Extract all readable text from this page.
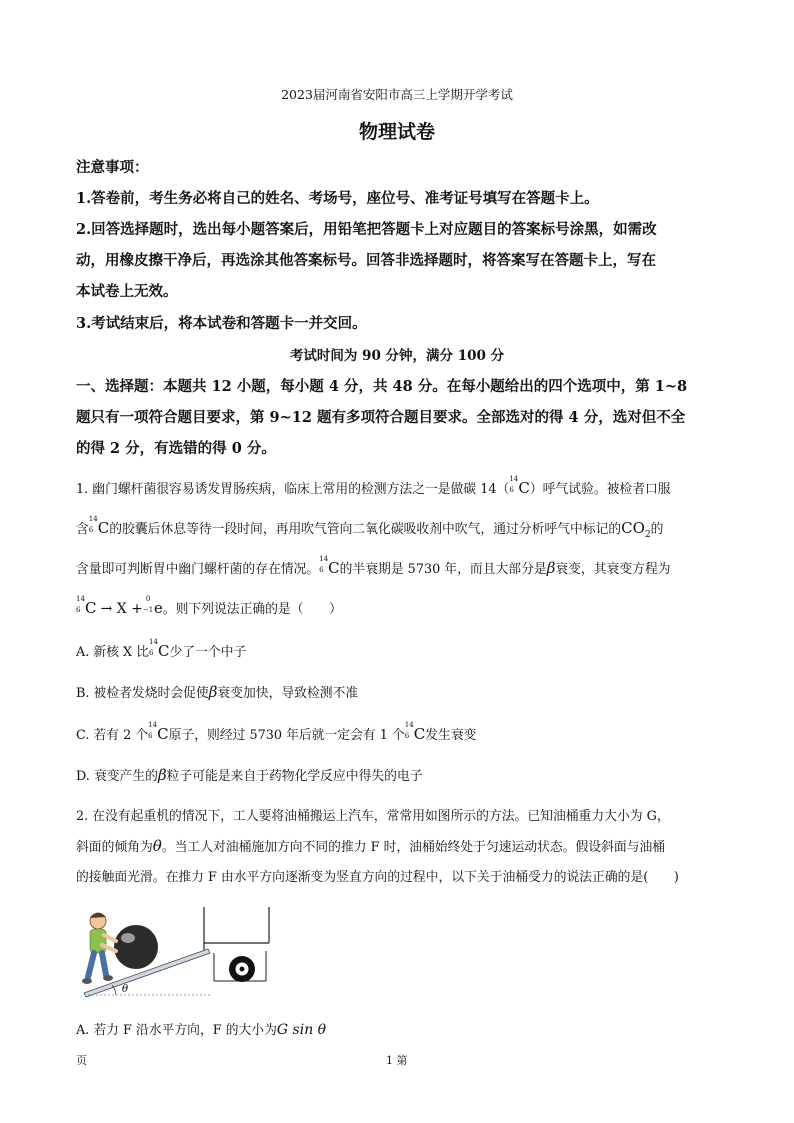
2023届河南省安阳市高三上学期开学考试
物理试卷
注意事项：
1.答卷前，考生务必将自己的姓名、考场号，座位号、准考证号填写在答题卡上。
2.回答选择题时，选出每小题答案后，用铅笔把答题卡上对应题目的答案标号涂黑，如需改
动，用橡皮擦干净后，再选涂其他答案标号。回答非选择题时，将答案写在答题卡上，写在
本试卷上无效。
3.考试结束后，将本试卷和答题卡一并交回。
考试时间为 90 分钟，满分 100 分
一、选择题：本题共 12 小题，每小题 4 分，共 48 分。在每小题给出的四个选项中，第 1~8
题只有一项符合题目要求，第 9~12 题有多项符合题目要求。全部选对的得 4 分，选对但不全
的得 2 分，有选错的得 0 分。
1. 幽门螺杆菌很容易诱发胃肠疾病，临床上常用的检测方法之一是做碳 14（
14
6 C）呼气试验。被检者口服
含
14
6 C的胶囊后休息等待一段时间，再用吹气管向二氧化碳吸收剂中吹气，通过分析呼气中标记的$CO_2$的
含量即可判断胃中幽门螺杆菌的存在情况。
14
6 C的半衰期是 5730 年，而且大部分是β衰变，其衰变方程为
14
6 C → X +
0
−1 e。则下列说法正确的是（　　）
A. 新核 X 比
14
6 C少了一个中子
B. 被检者发烧时会促使β衰变加快，导致检测不准
C. 若有 2 个
14
6 C原子，则经过 5730 年后就一定会有 1 个
14
6 C发生衰变
D. 衰变产生的β粒子可能是来自于药物化学反应中得失的电子
2. 在没有起重机的情况下，工人要将油桶搬运上汽车，常常用如图所示的方法。已知油桶重力大小为 G，
斜面的倾角为θ。当工人对油桶施加方向不同的推力 F 时，油桶始终处于匀速运动状态。假设斜面与油桶
的接触面光滑。在推力 F 由水平方向逐渐变为竖直方向的过程中，以下关于油桶受力的说法正确的是(　　)
θ
A. 若力 F 沿水平方向，F 的大小为G sin θ
页	1 第
